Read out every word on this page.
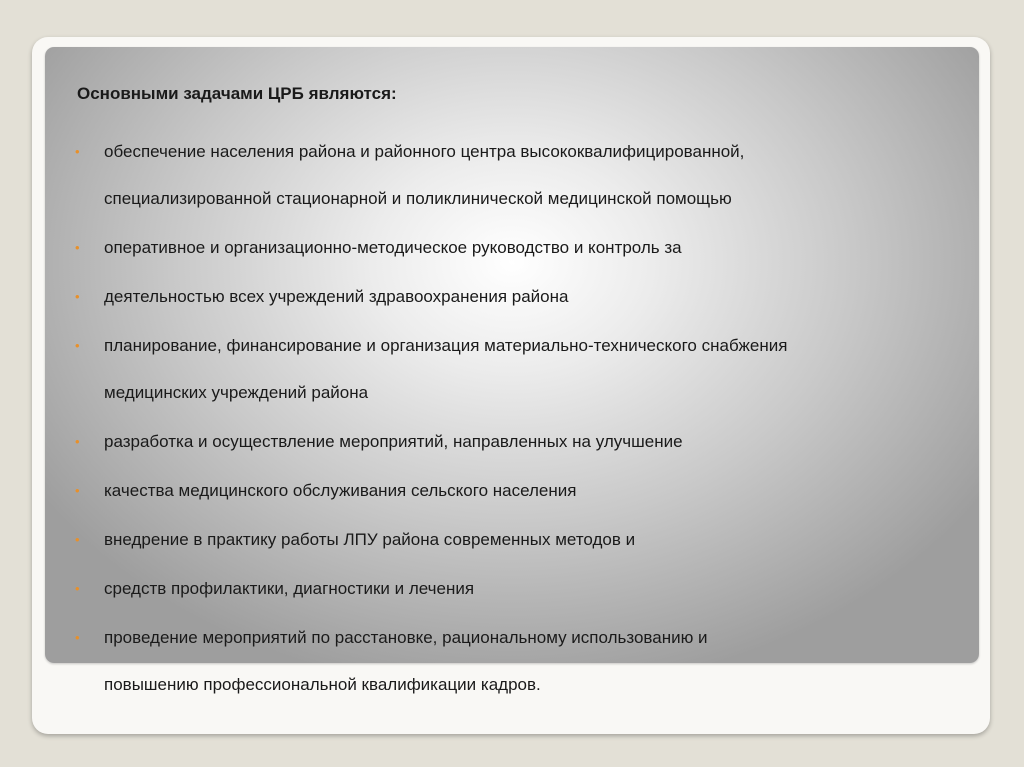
Основными задачами ЦРБ являются:
• обеспечение населения района и районного центра высококвалифицированной,
специализированной стационарной и поликлинической медицинской помощью
• оперативное и организационно-методическое руководство и контроль за
• деятельностью всех учреждений здравоохранения района
• планирование, финансирование и организация материально-технического снабжения
медицинских учреждений района
• разработка и осуществление мероприятий, направленных на улучшение
• качества медицинского обслуживания сельского населения
• внедрение в практику работы ЛПУ района современных методов и
• средств профилактики, диагностики и лечения
• проведение мероприятий по расстановке, рациональному использованию и
повышению профессиональной квалификации кадров.
